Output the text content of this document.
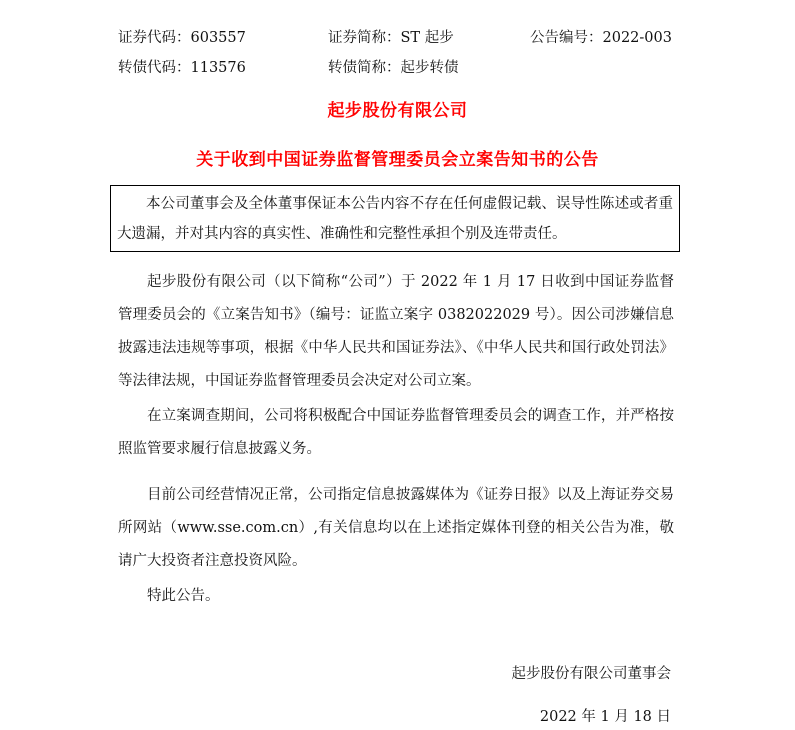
证券代码：603557	证券简称：ST 起步	公告编号：2022-003
转债代码：113576	转债简称：起步转债
起步股份有限公司
关于收到中国证券监督管理委员会立案告知书的公告

本公司董事会及全体董事保证本公告内容不存在任何虚假记载、误导性陈述或者重大遗漏，并对其内容的真实性、准确性和完整性承担个别及连带责任。

起步股份有限公司（以下简称“公司”）于 2022 年 1 月 17 日收到中国证券监督管理委员会的《立案告知书》（编号：证监立案字 0382022029 号）。因公司涉嫌信息披露违法违规等事项，根据《中华人民共和国证券法》、《中华人民共和国行政处罚法》等法律法规，中国证券监督管理委员会决定对公司立案。

在立案调查期间，公司将积极配合中国证券监督管理委员会的调查工作，并严格按照监管要求履行信息披露义务。

目前公司经营情况正常，公司指定信息披露媒体为《证券日报》以及上海证券交易所网站（www.sse.com.cn）,有关信息均以在上述指定媒体刊登的相关公告为准，敬请广大投资者注意投资风险。

特此公告。

起步股份有限公司董事会
2022 年 1 月 18 日
